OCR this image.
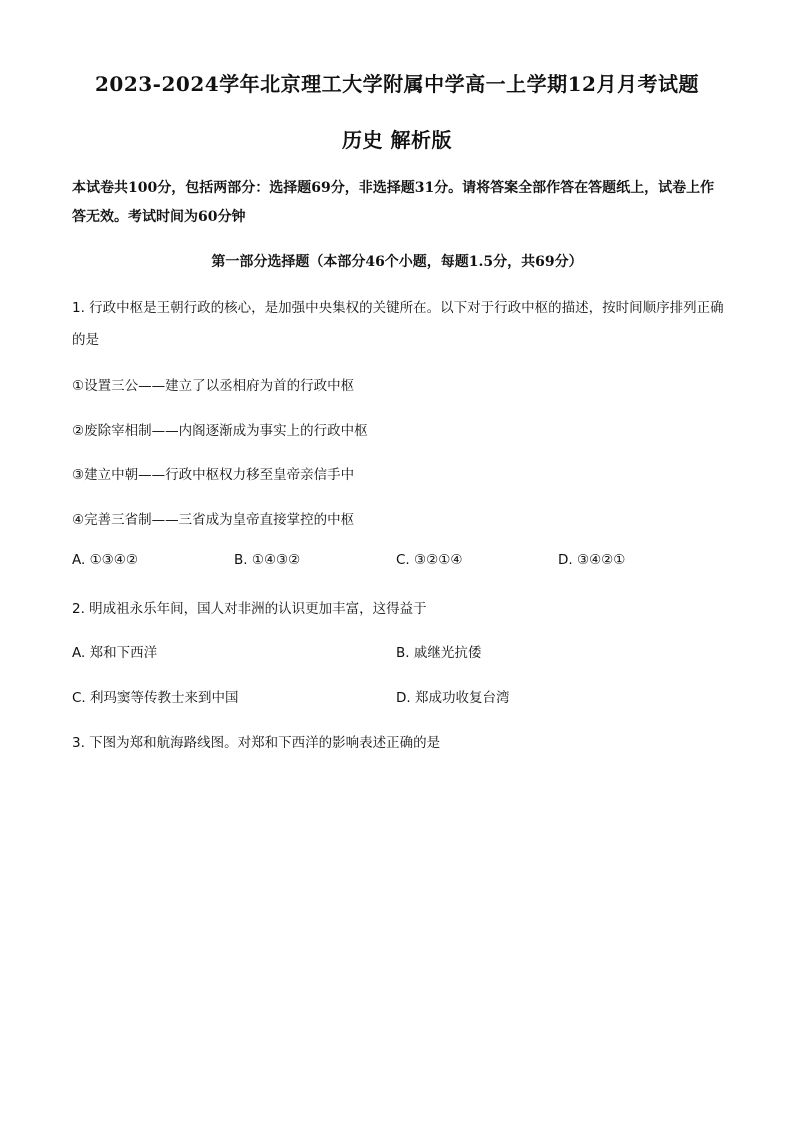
2023-2024学年北京理工大学附属中学高一上学期12月月考试题
历史 解析版
本试卷共100分，包括两部分：选择题69分，非选择题31分。请将答案全部作答在答题纸上，试卷上作答无效。考试时间为60分钟
第一部分选择题（本部分46个小题，每题1.5分，共69分）
1. 行政中枢是王朝行政的核心，是加强中央集权的关键所在。以下对于行政中枢的描述，按时间顺序排列正确的是
①设置三公——建立了以丞相府为首的行政中枢
②废除宰相制——内阁逐渐成为事实上的行政中枢
③建立中朝——行政中枢权力移至皇帝亲信手中
④完善三省制——三省成为皇帝直接掌控的中枢
A. ①③④②	B. ①④③②	C. ③②①④	D. ③④②①
2. 明成祖永乐年间，国人对非洲的认识更加丰富，这得益于
A. 郑和下西洋	B. 戚继光抗倭
C. 利玛窦等传教士来到中国	D. 郑成功收复台湾
3. 下图为郑和航海路线图。对郑和下西洋的影响表述正确的是
